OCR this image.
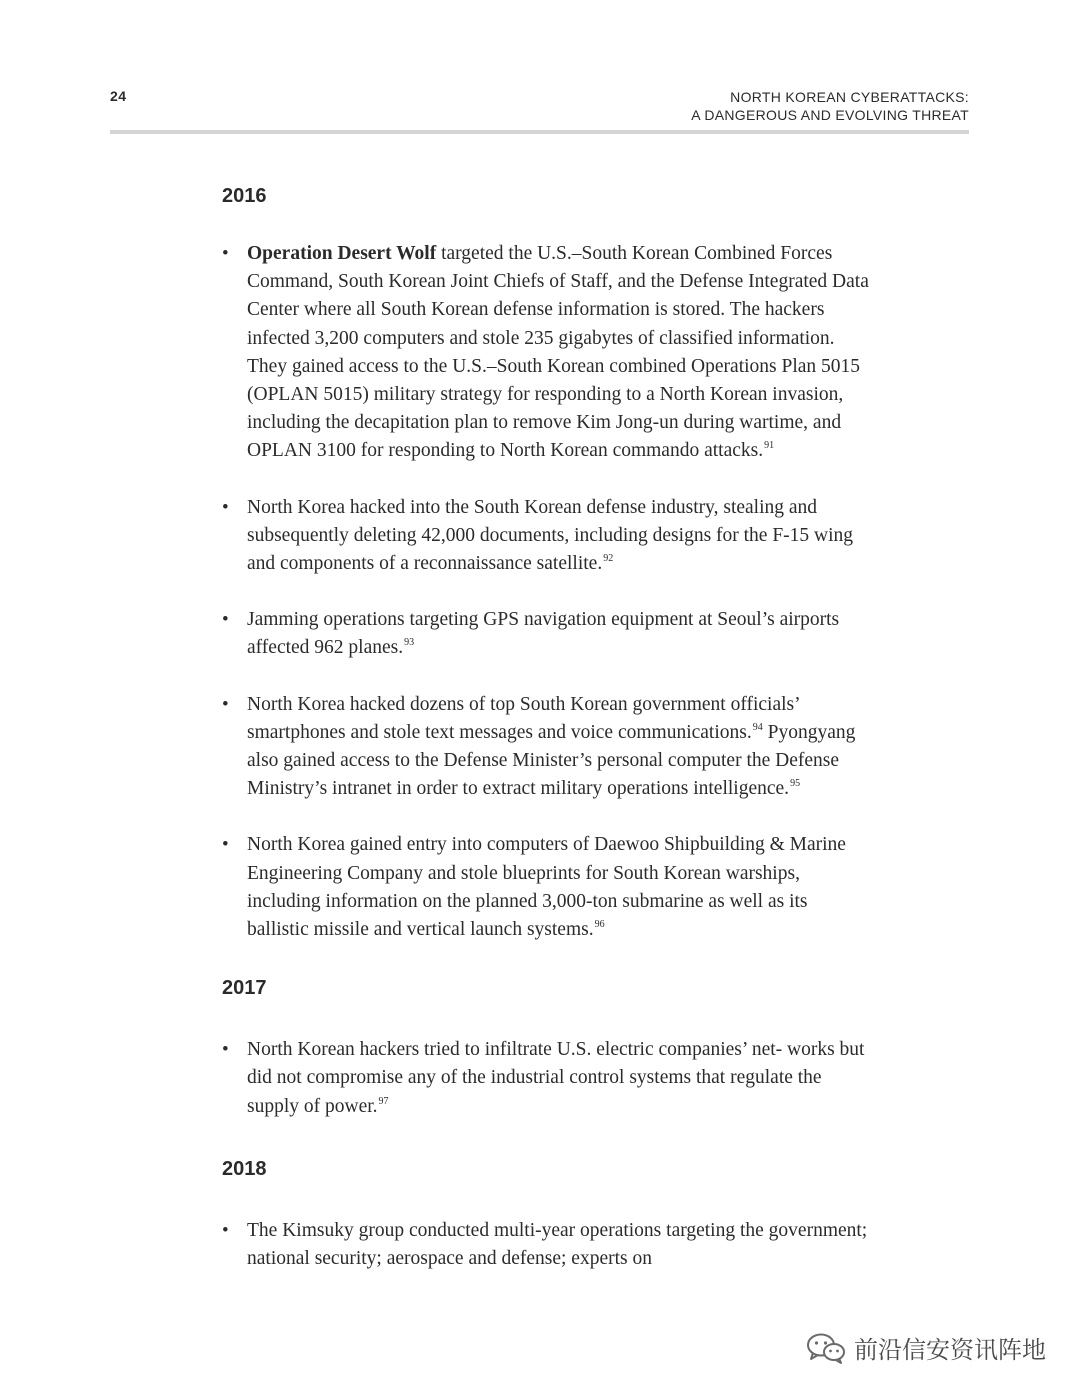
24	NORTH KOREAN CYBERATTACKS:
A DANGEROUS AND EVOLVING THREAT
2016
• Operation Desert Wolf targeted the U.S.–South Korean Combined Forces Command, South Korean Joint Chiefs of Staff, and the Defense Integrated Data Center where all South Korean defense information is stored. The hackers infected 3,200 computers and stole 235 gigabytes of classified information. They gained access to the U.S.–South Korean combined Operations Plan 5015 (OPLAN 5015) military strategy for responding to a North Korean invasion, including the decapitation plan to remove Kim Jong-un during wartime, and OPLAN 3100 for responding to North Korean commando attacks.$^{91}$
• North Korea hacked into the South Korean defense industry, stealing and subsequently deleting 42,000 documents, including designs for the F-15 wing and components of a reconnaissance satellite.$^{92}$
• Jamming operations targeting GPS navigation equipment at Seoul’s airports affected 962 planes.$^{93}$
• North Korea hacked dozens of top South Korean government officials’ smartphones and stole text messages and voice communications.$^{94}$ Pyongyang also gained access to the Defense Minister’s personal computer the Defense Ministry’s intranet in order to extract military operations intelligence.$^{95}$
• North Korea gained entry into computers of Daewoo Shipbuilding & Marine Engineering Company and stole blueprints for South Korean warships, including information on the planned 3,000-ton submarine as well as its ballistic missile and vertical launch systems.$^{96}$
2017
• North Korean hackers tried to infiltrate U.S. electric companies’ net- works but did not compromise any of the industrial control systems that regulate the supply of power.$^{97}$
2018
• The Kimsuky group conducted multi-year operations targeting the government; national security; aerospace and defense; experts on
前沿信安资讯阵地
